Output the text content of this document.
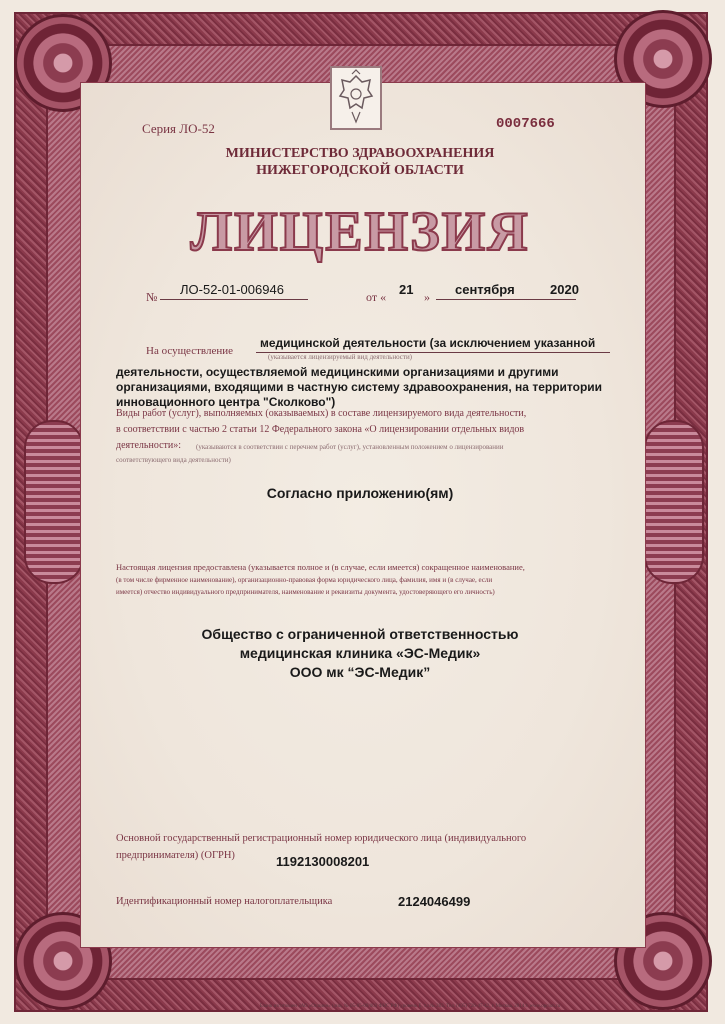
Серия ЛО-52	0007666
МИНИСТЕРСТВО ЗДРАВООХРАНЕНИЯ
НИЖЕГОРОДСКОЙ ОБЛАСТИ
ЛИЦЕНЗИЯ
№ ЛО-52-01-006946	от « 21 » сентября	2020
На осуществление
медицинской деятельности (за исключением указанной
(указывается лицензируемый вид деятельности)
деятельности, осуществляемой медицинскими организациями и другими
организациями, входящими в частную систему здравоохранения, на территории
инновационного центра "Сколково")
Виды работ (услуг), выполняемых (оказываемых) в составе лицензируемого вида деятельности,
в соответствии с частью 2 статьи 12 Федерального закона «О лицензировании отдельных видов
деятельности»: (указываются в соответствии с перечнем работ (услуг), установленным положением о лицензировании
соответствующего вида деятельности)
Согласно приложению(ям)
Настоящая лицензия предоставлена (указывается полное и (в случае, если имеется) сокращенное наименование,
(в том числе фирменное наименование), организационно-правовая форма юридического лица, фамилия, имя и (в случае, если
имеется) отчество индивидуального предпринимателя, наименование и реквизиты документа, удостоверяющего его личность)
Общество с ограниченной ответственностью
медицинская клиника «ЭС-Медик»
ООО мк “ЭС-Медик”
Основной государственный регистрационный номер юридического лица (индивидуального
предпринимателя) (ОГРН)	1192130008201
Идентификационный номер налогоплательщика	2124046499
Бланк изготовлен ЗАО «Опцион» (лиц. № 05-05-09/003 ФНС РФ) уровень Б, т.з.№ 283. Тел. (495) 726-47-42, г. Москва, 2014 г. www.opcion.ru
